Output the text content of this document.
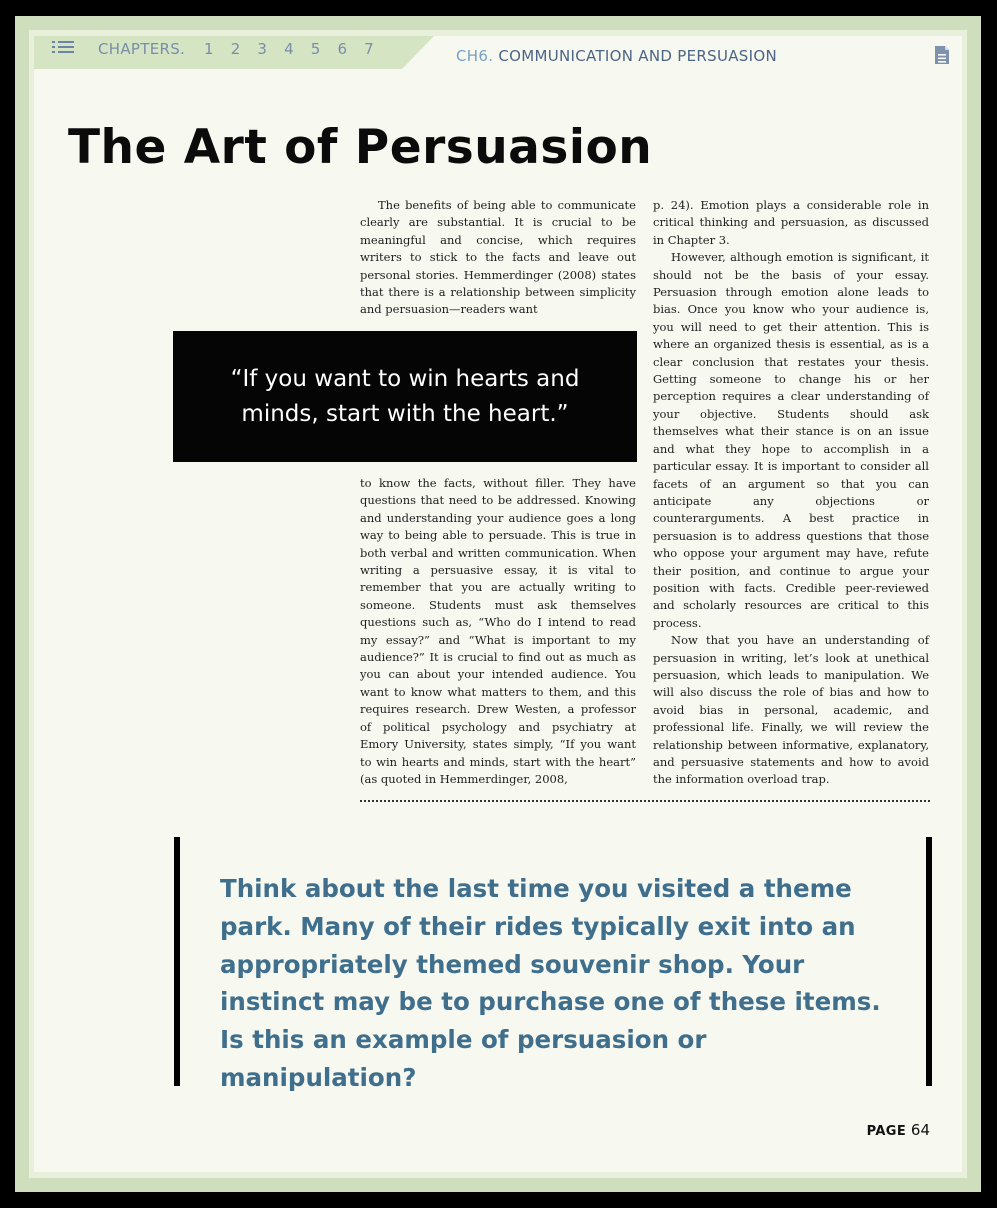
CHAPTERS. 1 2 3 4 5 6 7	CH6. COMMUNICATION AND PERSUASION
The Art of Persuasion

The benefits of being able to communicate clearly are substantial. It is crucial to be meaningful and concise, which requires writers to stick to the facts and leave out personal stories. Hemmerdinger (2008) states that there is a relationship between simplicity and persuasion—readers want

“If you want to win hearts and minds, start with the heart.”

to know the facts, without filler. They have questions that need to be addressed. Knowing and understanding your audience goes a long way to being able to persuade. This is true in both verbal and written communication. When writing a persuasive essay, it is vital to remember that you are actually writing to someone. Students must ask themselves questions such as, “Who do I intend to read my essay?” and “What is important to my audience?” It is crucial to find out as much as you can about your intended audience. You want to know what matters to them, and this requires research. Drew Westen, a professor of political psychology and psychiatry at Emory University, states simply, “If you want to win hearts and minds, start with the heart” (as quoted in Hemmerdinger, 2008,

p. 24). Emotion plays a considerable role in critical thinking and persuasion, as discussed in Chapter 3.

However, although emotion is significant, it should not be the basis of your essay. Persuasion through emotion alone leads to bias. Once you know who your audience is, you will need to get their attention. This is where an organized thesis is essential, as is a clear conclusion that restates your thesis. Getting someone to change his or her perception requires a clear understanding of your objective. Students should ask themselves what their stance is on an issue and what they hope to accomplish in a particular essay. It is important to consider all facets of an argument so that you can anticipate any objections or counterarguments. A best practice in persuasion is to address questions that those who oppose your argument may have, refute their position, and continue to argue your position with facts. Credible peer-reviewed and scholarly resources are critical to this process.

Now that you have an understanding of persuasion in writing, let’s look at unethical persuasion, which leads to manipulation. We will also discuss the role of bias and how to avoid bias in personal, academic, and professional life. Finally, we will review the relationship between informative, explanatory, and persuasive statements and how to avoid the information overload trap.

Think about the last time you visited a theme park. Many of their rides typically exit into an appropriately themed souvenir shop. Your instinct may be to purchase one of these items. Is this an example of persuasion or manipulation?
PAGE 64
